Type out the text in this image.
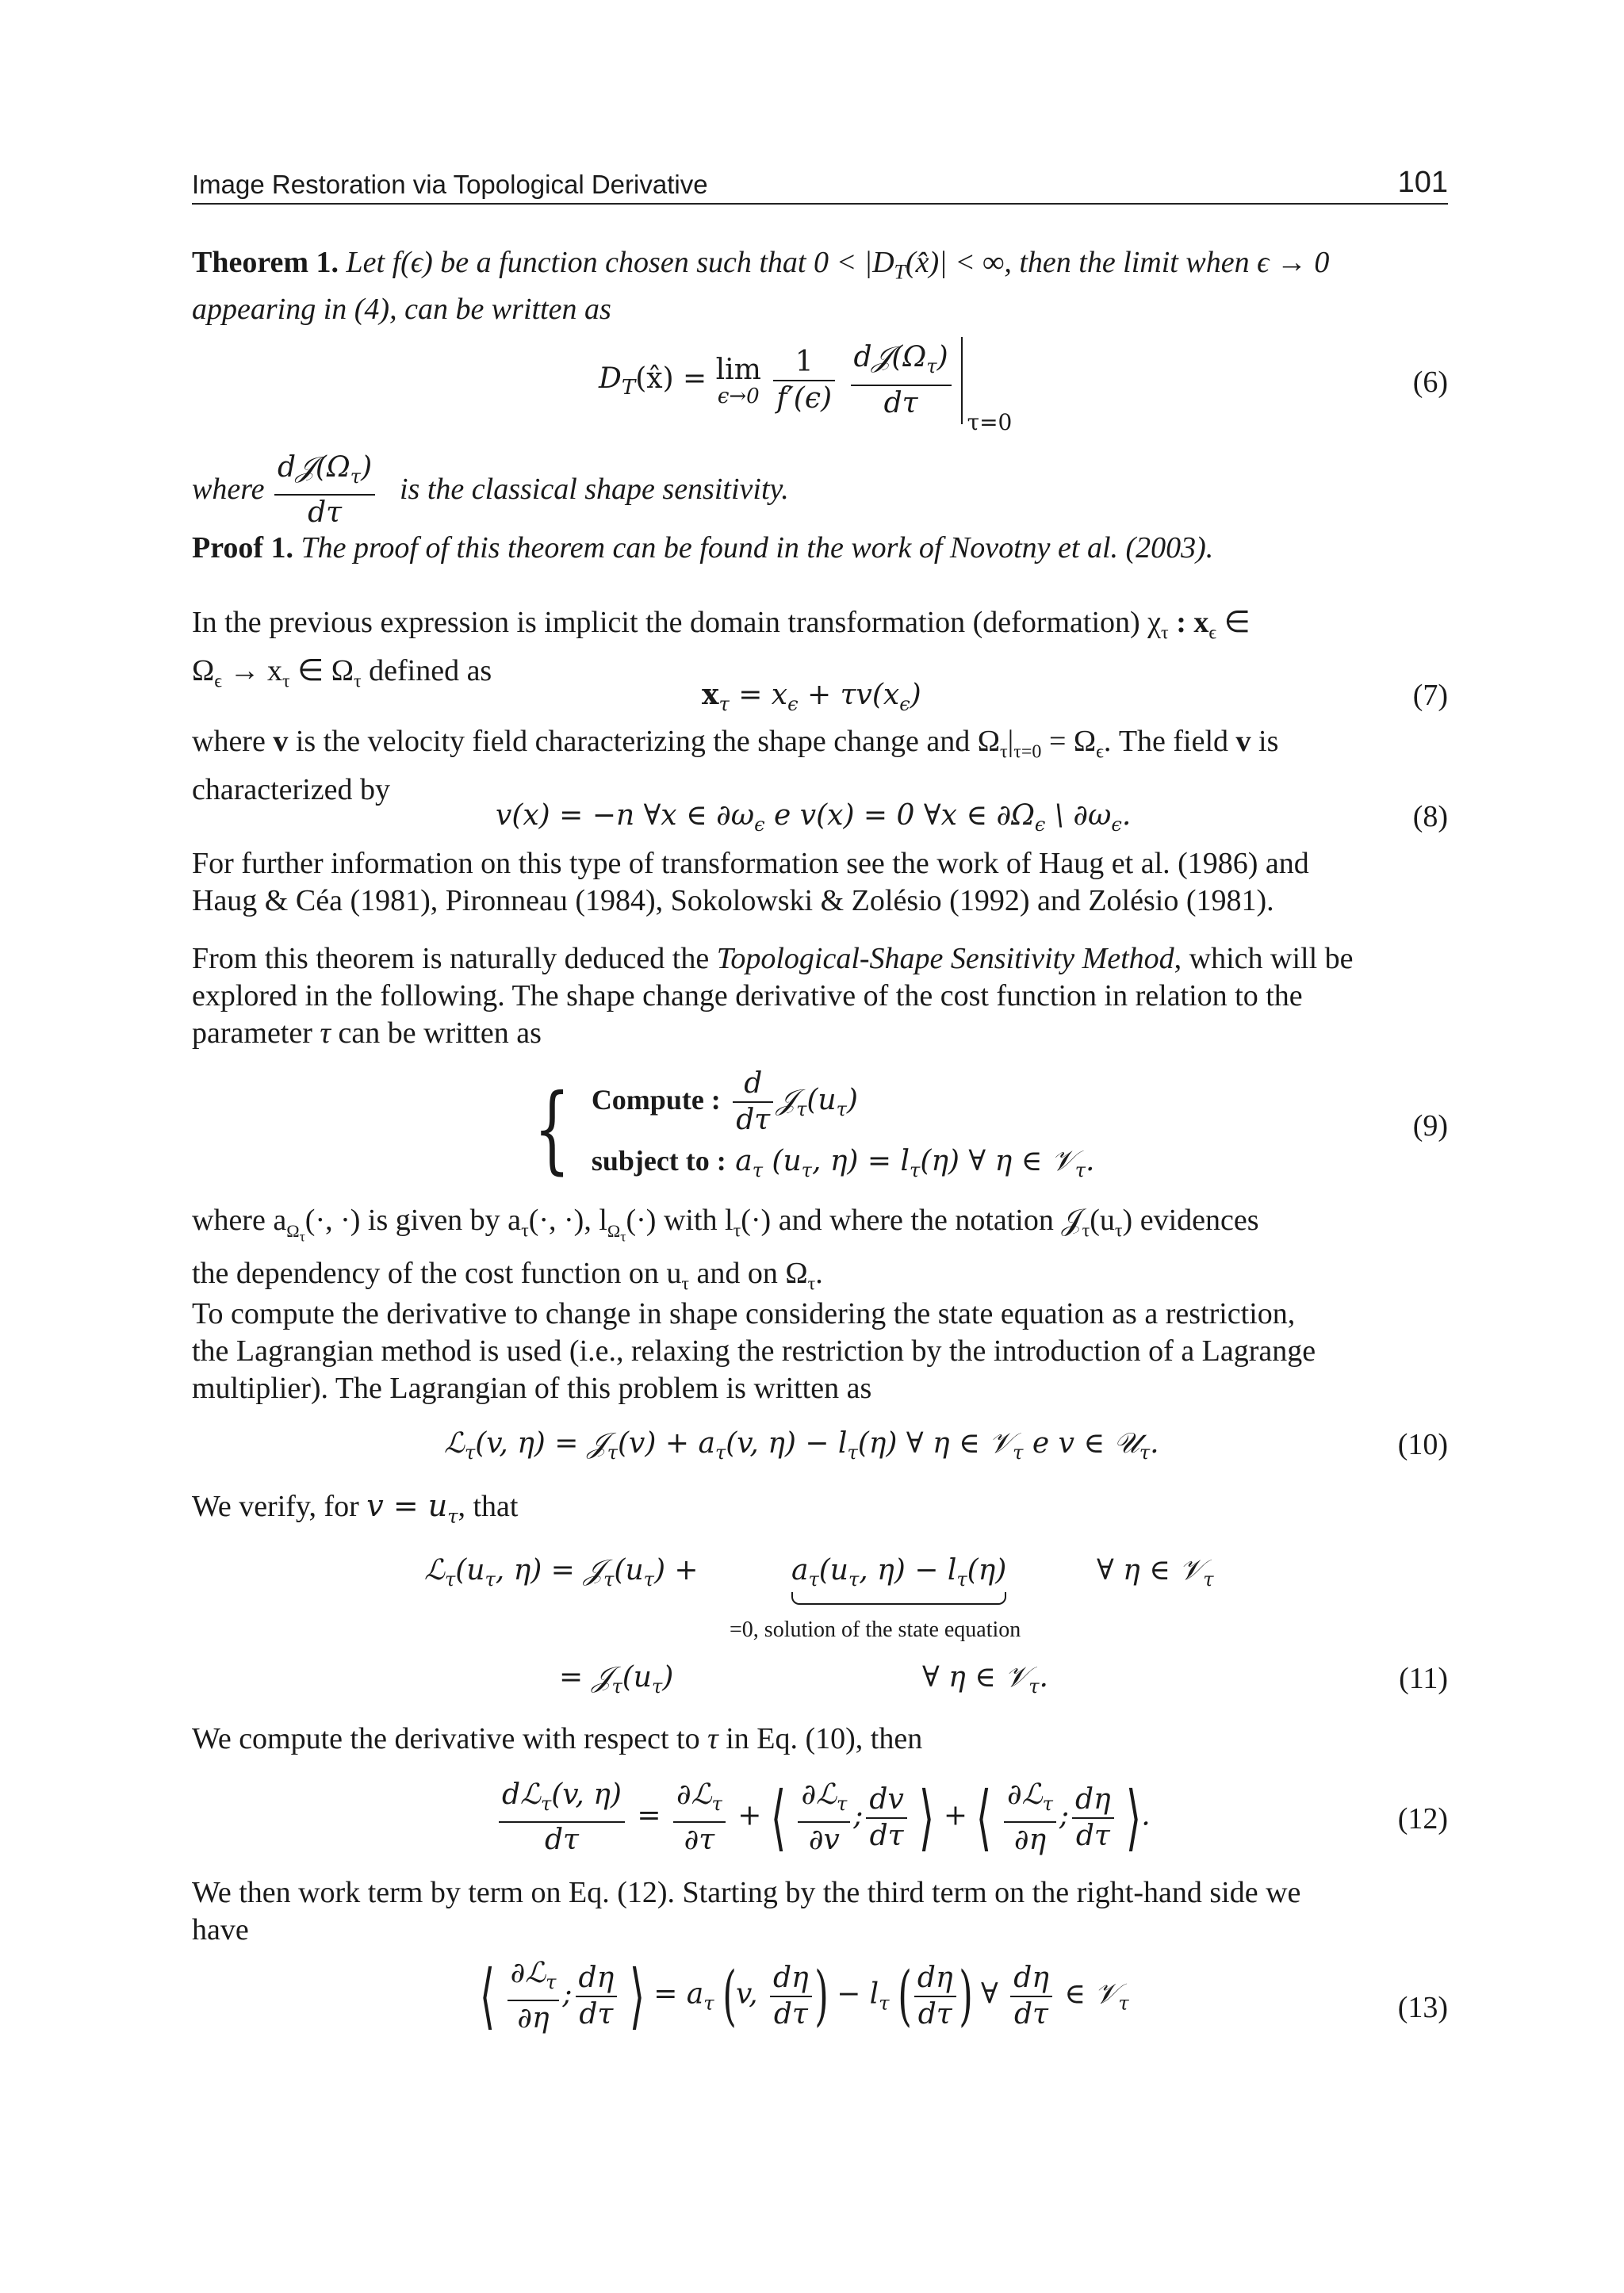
Image Restoration via Topological Derivative	101
Theorem 1. Let f(ϵ) be a function chosen such that $0 < |D_T(x̂)|$ < ∞, then the limit when ϵ → 0
appearing in (4), can be written as
$D_T(x̂) = \lim$
ϵ→0
$\frac{1}{f'(\epsilon)}$
$\frac{d𝒥(\Omega_\tau)}{d\tau}$
τ=0
(6)
where
$d𝒥(\Omega_\tau)$
dτ
is the classical shape sensitivity.
Proof 1. The proof of this theorem can be found in the work of Novotny et al. (2003).
In the previous expression is implicit the domain transformation (deformation) $\chi_\tau$ : $x_\epsilon$ ∈
$\Omega_\epsilon \to x_\tau$ ∈ $\Omega_\tau$ defined as
$x_\tau = x_\epsilon + \tau v(x_\epsilon)$	(7)
where v is the velocity field characterizing the shape change and $\Omega_\tau|_{\tau=0} = \Omega_\epsilon$. The field v is
characterized by
v(x) = −n ∀x ∈ $\partial\omega_\epsilon$ e v(x) = 0 ∀x ∈ $\partial\Omega_\epsilon$ \ $\partial\omega_\epsilon$.	(8)
For further information on this type of transformation see the work of Haug et al. (1986) and
Haug & Céa (1981), Pironneau (1984), Sokolowski & Zolésio (1992) and Zolésio (1981).
From this theorem is naturally deduced the Topological-Shape Sensitivity Method, which will be
explored in the following. The shape change derivative of the cost function in relation to the
parameter τ can be written as
{ Compute : $\frac{d}{d\tau}$ $𝒥_\tau(u_\tau)$
subject to : $a_\tau$ ($u_\tau$, $\eta) = l_\tau(\eta)$ ∀ η ∈ 𝒱$_\tau$.
(9)
where $a_{\Omega_\tau}(\cdot$, ·) is given by $a_\tau(\cdot$, ·), $l_{\Omega_\tau}(\cdot)$ with $l_\tau(\cdot)$ and where the notation $𝒥_\tau(u_\tau)$ evidences
the dependency of the cost function on $u_\tau$ and on $\Omega_\tau$.
To compute the derivative to change in shape considering the state equation as a restriction,
the Lagrangian method is used (i.e., relaxing the restriction by the introduction of a Lagrange
multiplier). The Lagrangian of this problem is written as
ℒ$_\tau$(v, η) = 𝒥$_\tau$(v) + $a_\tau(v$, $\eta) - l_\tau(\eta)$ ∀ η ∈ 𝒱$_\tau$ e v ∈ 𝒰$_\tau$.	(10)
We verify, for $v = u_\tau$, that
$ℒ_\tau(u_\tau$, $\eta) = 𝒥_\tau(u_\tau)$ +	$a_\tau(u_\tau$, $\eta) - l_\tau(\eta)$	∀ η ∈ 𝒱$_\tau$
=0, solution of the state equation
= $𝒥_\tau(u_\tau)$	∀ η ∈ 𝒱$_\tau$.	(11)
We compute the derivative with respect to τ in Eq. (10), then
$\frac{dℒ_\tau(v, \eta)}{d\tau} = \frac{\partial ℒ_\tau}{\partial\tau}$ + ⟨ $\frac{\partial ℒ_\tau}{\partial v}$ ; $\frac{dv}{d\tau}$ ⟩ + ⟨ $\frac{\partial ℒ_\tau}{\partial\eta}$ ; $\frac{d\eta}{d\tau}$ ⟩.	(12)
We then work term by term on Eq. (12). Starting by the third term on the right-hand side we
have
⟨ $\frac{\partial ℒ_\tau}{\partial\eta}$ ; $\frac{d\eta}{d\tau}$ ⟩ = $a_\tau$ (v, $\frac{d\eta}{d\tau}$ ) − $l_\tau$ ( $\frac{d\eta}{d\tau}$ ) ∀ $\frac{d\eta}{d\tau}$ ∈ 𝒱$_\tau$	(13)
